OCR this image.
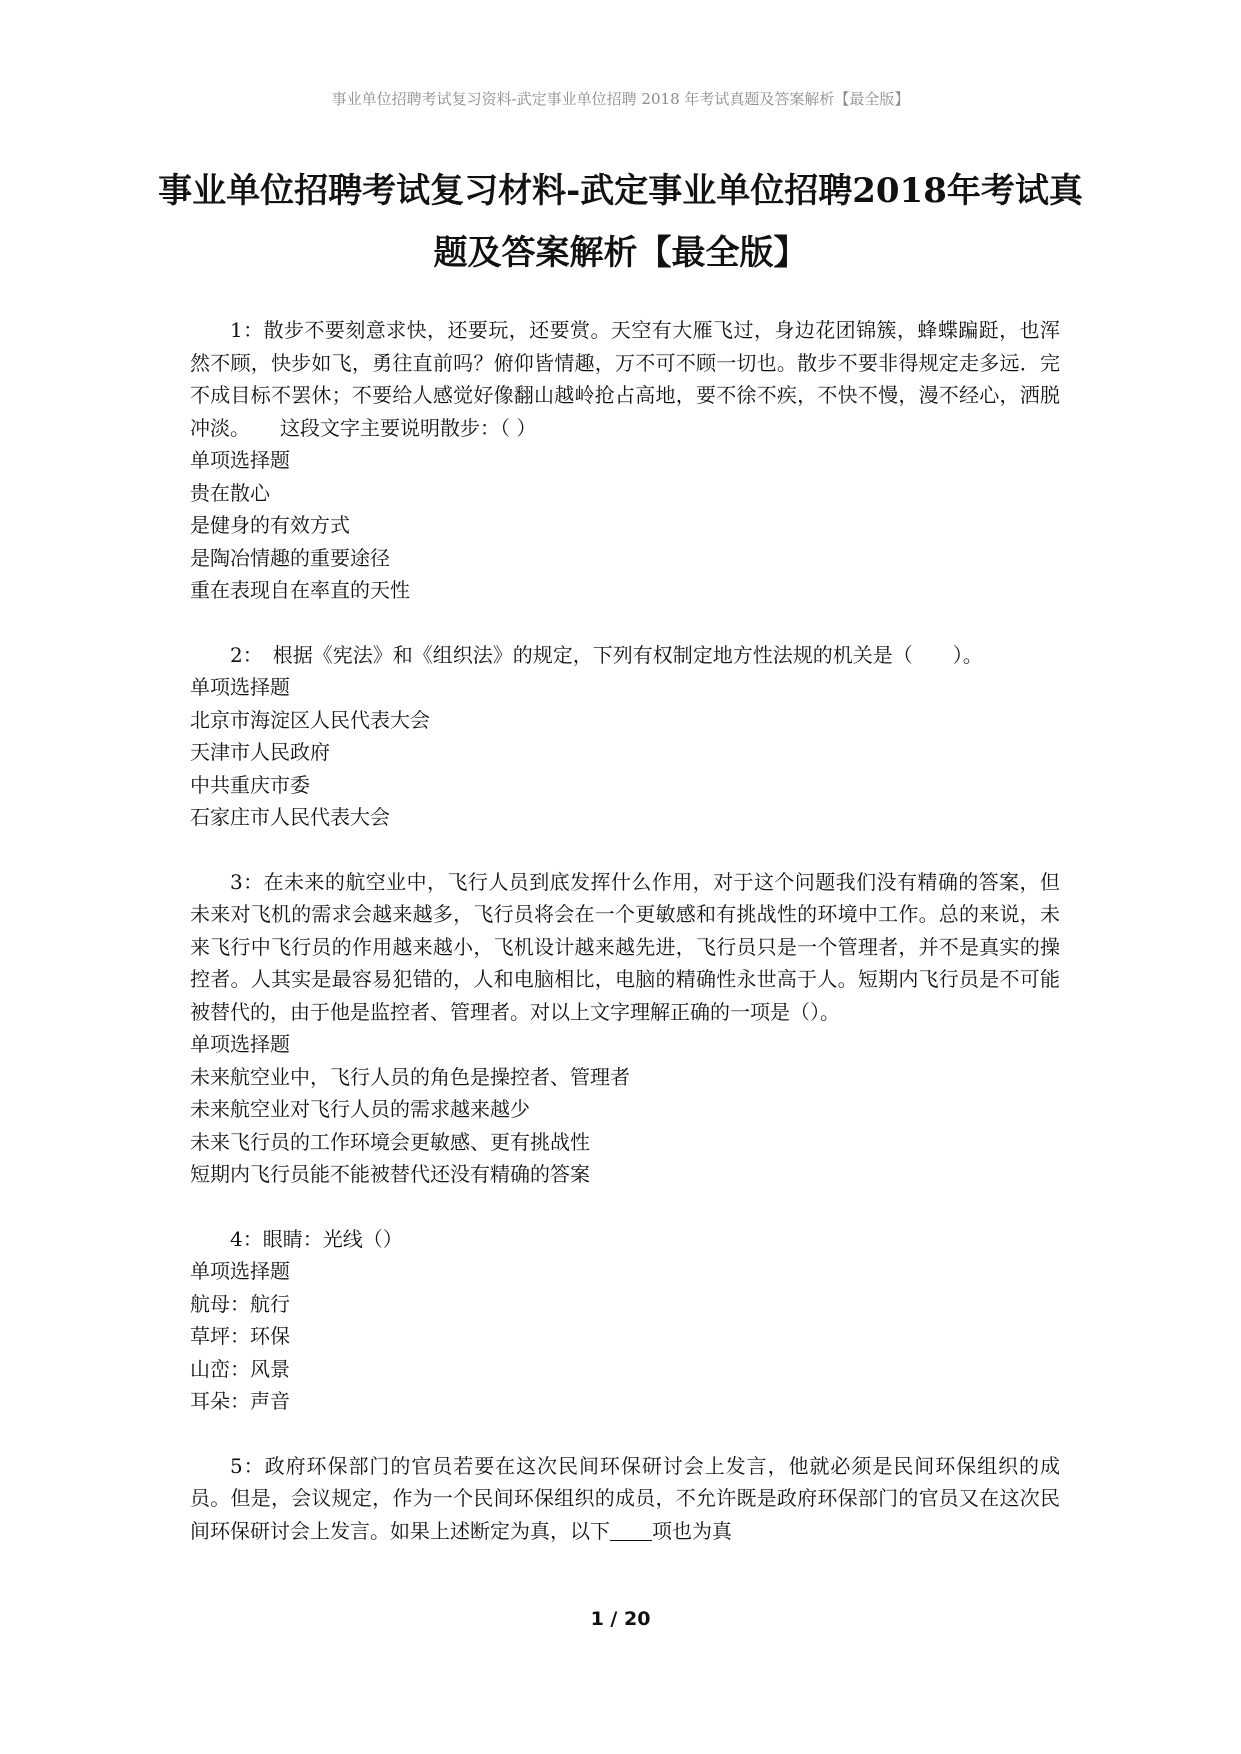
事业单位招聘考试复习资料-武定事业单位招聘 2018 年考试真题及答案解析【最全版】
事业单位招聘考试复习材料-武定事业单位招聘2018年考试真题及答案解析【最全版】

1：散步不要刻意求快，还要玩，还要赏。天空有大雁飞过，身边花团锦簇，蜂蝶蹁跹，也浑然不顾，快步如飞，勇往直前吗？俯仰皆情趣，万不可不顾一切也。散步不要非得规定走多远．完不成目标不罢休；不要给人感觉好像翻山越岭抢占高地，要不徐不疾，不快不慢，漫不经心，洒脱冲淡。　　这段文字主要说明散步：（ ）

单项选择题

贵在散心

是健身的有效方式

是陶冶情趣的重要途径

重在表现自在率直的天性

2：　根据《宪法》和《组织法》的规定，下列有权制定地方性法规的机关是（　　）。

单项选择题

北京市海淀区人民代表大会

天津市人民政府

中共重庆市委

石家庄市人民代表大会

3：在未来的航空业中，飞行人员到底发挥什么作用，对于这个问题我们没有精确的答案，但未来对飞机的需求会越来越多，飞行员将会在一个更敏感和有挑战性的环境中工作。总的来说，未来飞行中飞行员的作用越来越小，飞机设计越来越先进，飞行员只是一个管理者，并不是真实的操控者。人其实是最容易犯错的，人和电脑相比，电脑的精确性永世高于人。短期内飞行员是不可能被替代的，由于他是监控者、管理者。对以上文字理解正确的一项是（）。

单项选择题

未来航空业中，飞行人员的角色是操控者、管理者

未来航空业对飞行人员的需求越来越少

未来飞行员的工作环境会更敏感、更有挑战性

短期内飞行员能不能被替代还没有精确的答案

4：眼睛：光线（）

单项选择题

航母：航行

草坪：环保

山峦：风景

耳朵：声音

5：政府环保部门的官员若要在这次民间环保研讨会上发言，他就必须是民间环保组织的成员。但是，会议规定，作为一个民间环保组织的成员，不允许既是政府环保部门的官员又在这次民间环保研讨会上发言。如果上述断定为真，以下 项也为真

1 / 20
